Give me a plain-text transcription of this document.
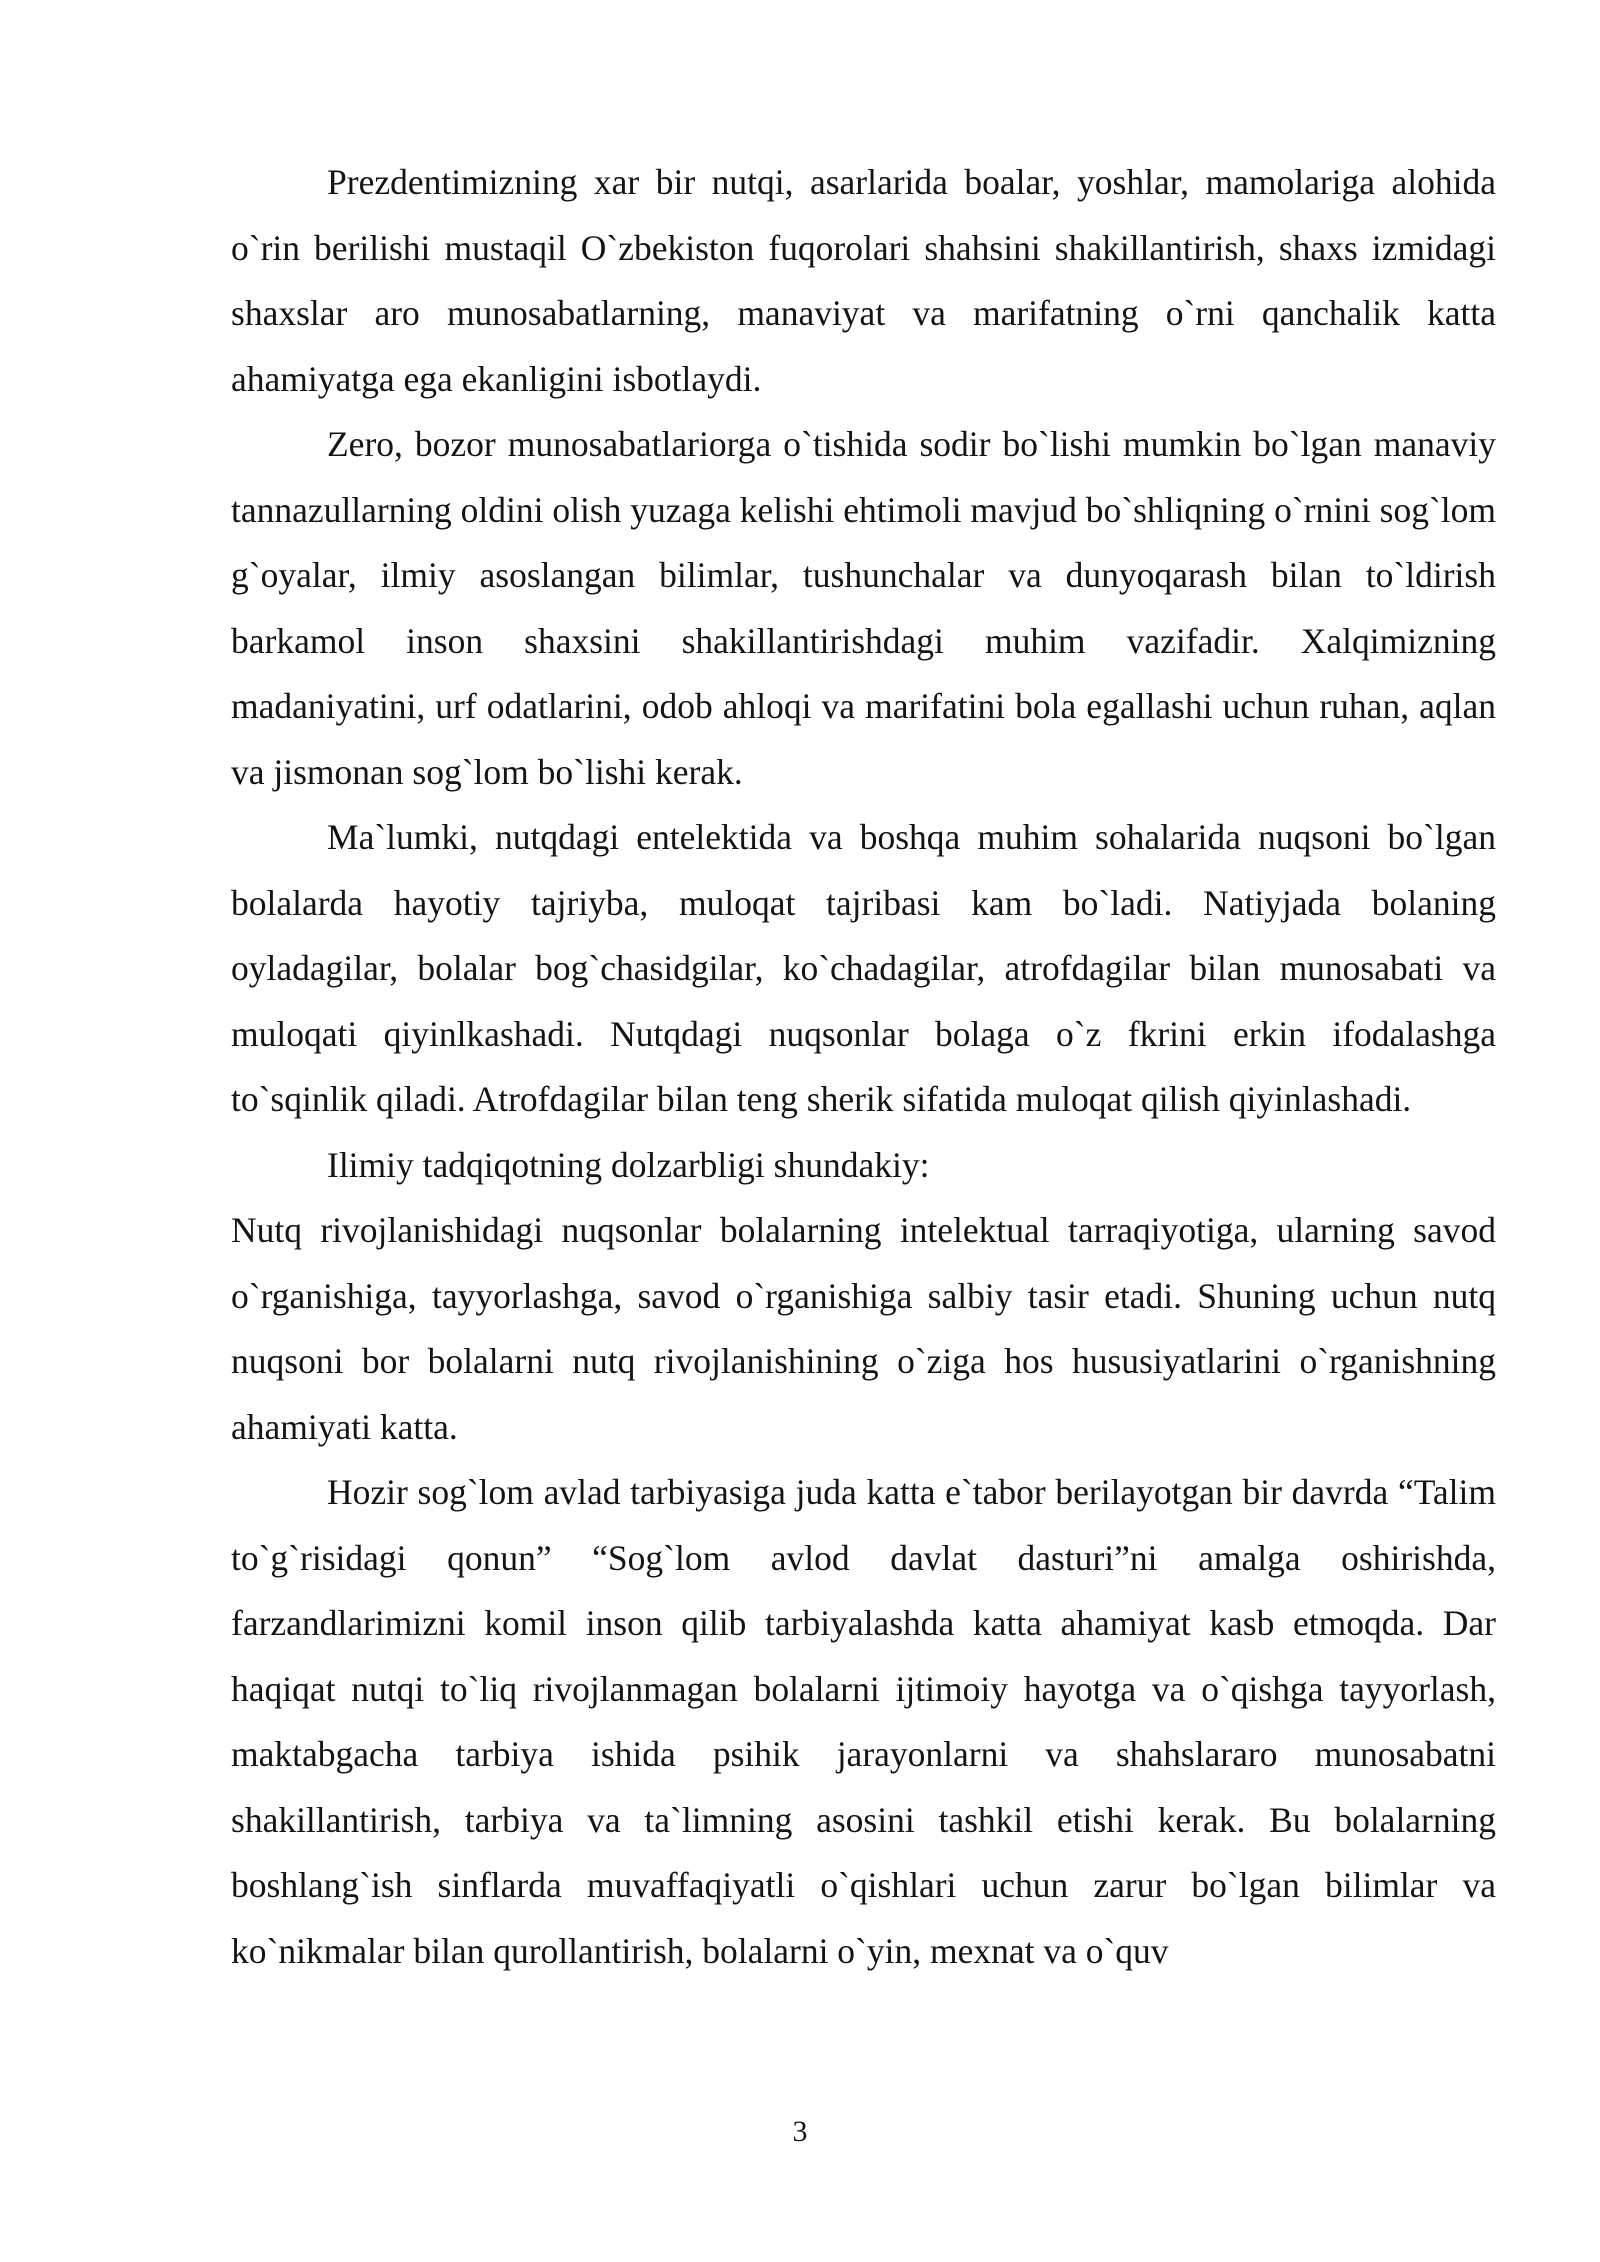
Prezdentimizning xar bir nutqi, asarlarida boalar, yoshlar, mamolariga alohida o`rin berilishi mustaqil O`zbekiston fuqorolari shahsini shakillantirish, shaxs izmidagi shaxslar aro munosabatlarning, manaviyat va marifatning o`rni qanchalik katta ahamiyatga ega ekanligini isbotlaydi.

Zero, bozor munosabatlariorga o`tishida sodir bo`lishi mumkin bo`lgan manaviy tannazullarning oldini olish yuzaga kelishi ehtimoli mavjud bo`shliqning o`rnini sog`lom g`oyalar, ilmiy asoslangan bilimlar, tushunchalar va dunyoqarash bilan to`ldirish barkamol inson shaxsini shakillantirishdagi muhim vazifadir. Xalqimizning madaniyatini, urf odatlarini, odob ahloqi va marifatini bola egallashi uchun ruhan, aqlan va jismonan sog`lom bo`lishi kerak.

Ma`lumki, nutqdagi entelektida va boshqa muhim sohalarida nuqsoni bo`lgan bolalarda hayotiy tajriyba, muloqat tajribasi kam bo`ladi. Natiyjada bolaning oyladagilar, bolalar bog`chasidgilar, ko`chadagilar, atrofdagilar bilan munosabati va muloqati qiyinlkashadi. Nutqdagi nuqsonlar bolaga o`z fkrini erkin ifodalashga to`sqinlik qiladi. Atrofdagilar bilan teng sherik sifatida muloqat qilish qiyinlashadi.

Ilimiy tadqiqotning dolzarbligi shundakiy:

Nutq rivojlanishidagi nuqsonlar bolalarning intelektual tarraqiyotiga, ularning savod o`rganishiga, tayyorlashga, savod o`rganishiga salbiy tasir etadi. Shuning uchun nutq nuqsoni bor bolalarni nutq rivojlanishining o`ziga hos hususiyatlarini o`rganishning ahamiyati katta.

Hozir sog`lom avlad tarbiyasiga juda katta e`tabor berilayotgan bir davrda “Talim to`g`risidagi qonun” “Sog`lom avlod davlat dasturi”ni amalga oshirishda, farzandlarimizni komil inson qilib tarbiyalashda katta ahamiyat kasb etmoqda. Dar haqiqat nutqi to`liq rivojlanmagan bolalarni ijtimoiy hayotga va o`qishga tayyorlash, maktabgacha tarbiya ishida psihik jarayonlarni va shahslararo munosabatni shakillantirish, tarbiya va ta`limning asosini tashkil etishi kerak. Bu bolalarning boshlang`ish sinflarda muvaffaqiyatli o`qishlari uchun zarur bo`lgan bilimlar va ko`nikmalar bilan qurollantirish, bolalarni o`yin, mexnat va o`quv

3
